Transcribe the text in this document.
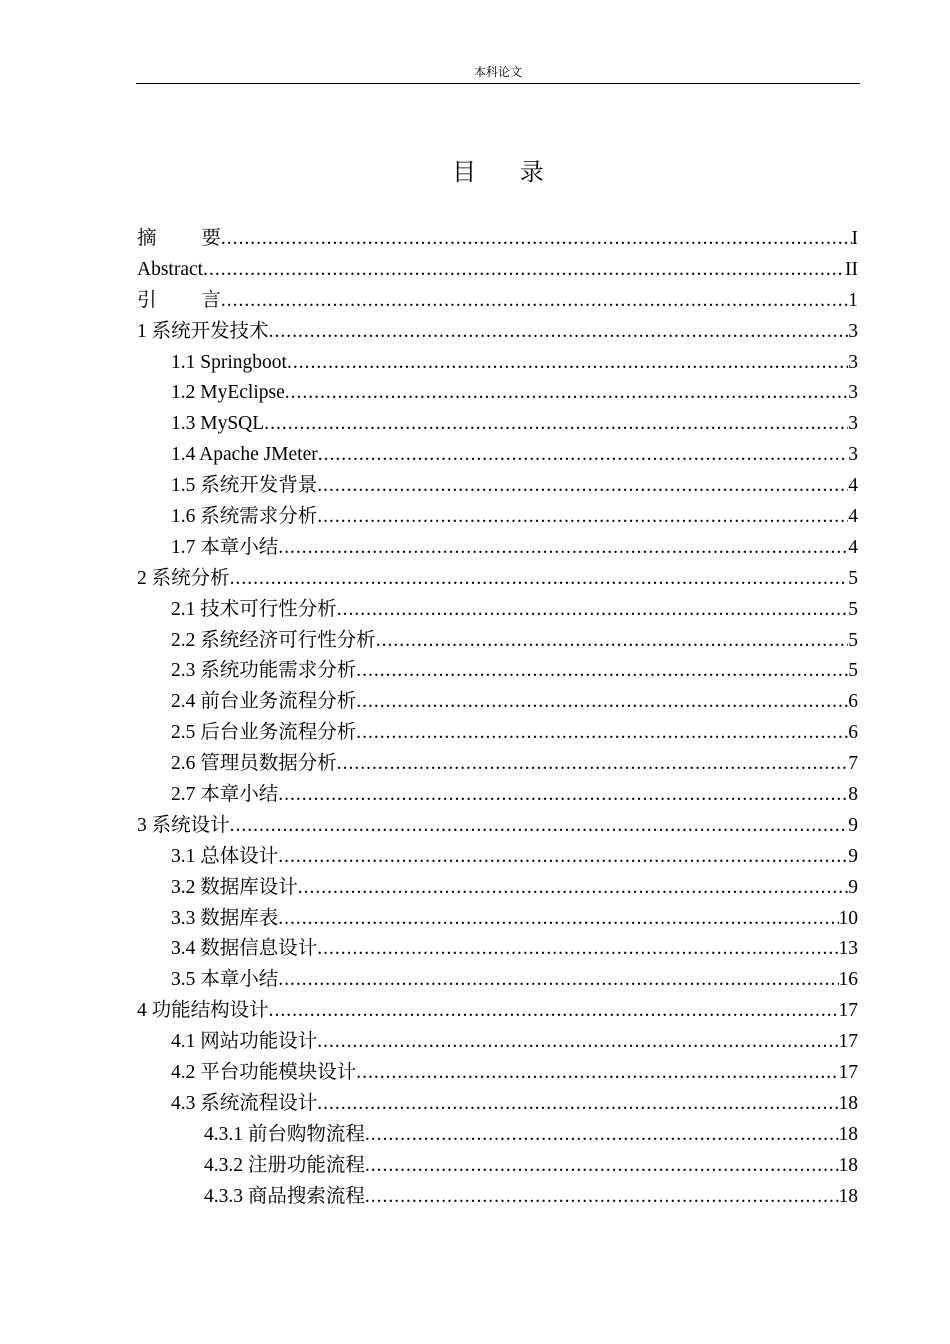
本科论文
目 录
摘 要 .....	I
Abstract .....	II
引 言 .....	1
1 系统开发技术 .....	3
1.1 Springboot .....	3
1.2 MyEclipse .....	3
1.3 MySQL .....	3
1.4 Apache JMeter .....	3
1.5 系统开发背景 .....	4
1.6 系统需求分析 .....	4
1.7 本章小结 .....	4
2 系统分析 .....	5
2.1 技术可行性分析 .....	5
2.2 系统经济可行性分析 .....	5
2.3 系统功能需求分析 .....	5
2.4 前台业务流程分析 .....	6
2.5 后台业务流程分析 .....	6
2.6 管理员数据分析 .....	7
2.7 本章小结 .....	8
3 系统设计 .....	9
3.1 总体设计 .....	9
3.2 数据库设计 .....	9
3.3 数据库表 .....	10
3.4 数据信息设计 .....	13
3.5 本章小结 .....	16
4 功能结构设计 .....	17
4.1 网站功能设计 .....	17
4.2 平台功能模块设计 .....	17
4.3 系统流程设计 .....	18
4.3.1 前台购物流程 .....	18
4.3.2 注册功能流程 .....	18
4.3.3 商品搜索流程 .....	18
